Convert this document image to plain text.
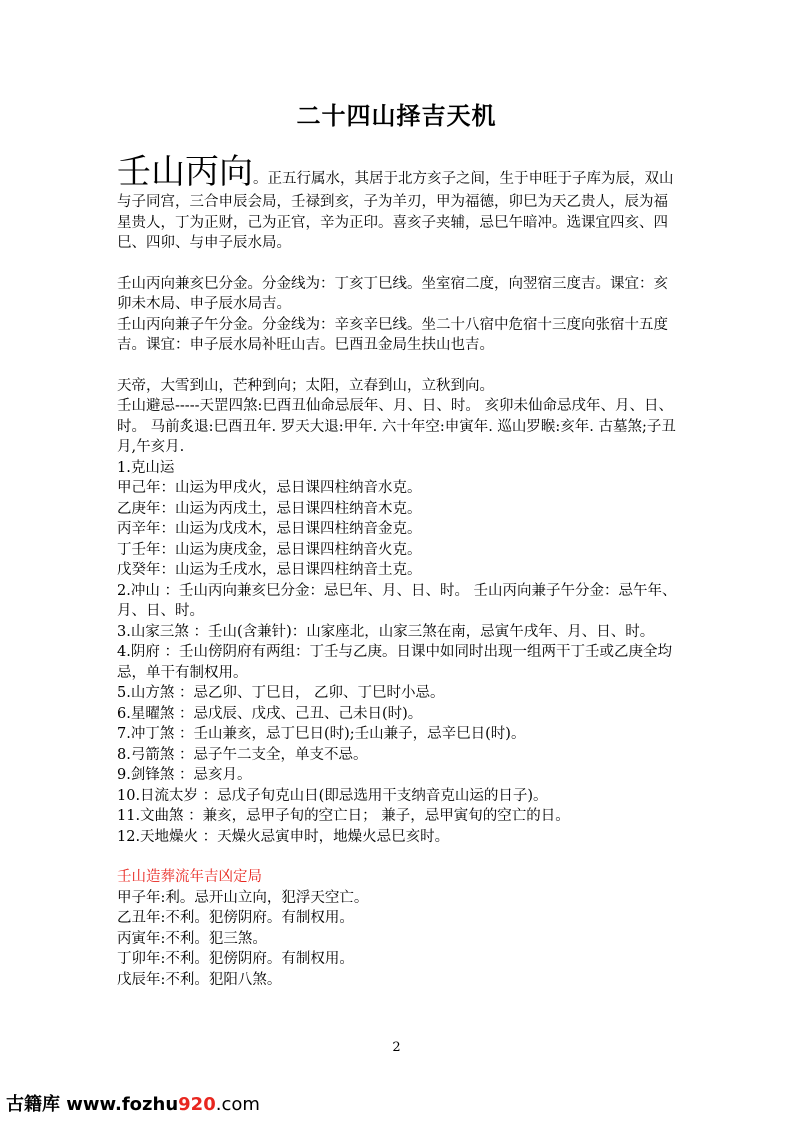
二十四山择吉天机

壬山丙向。正五行属水，其居于北方亥子之间，生于申旺于子库为辰，双山与子同宫，三合申辰会局，壬禄到亥，子为羊刃，甲为福德，卯巳为天乙贵人，辰为福星贵人，丁为正财，己为正官，辛为正印。喜亥子夹辅，忌巳午暗冲。选课宜四亥、四巳、四卯、与申子辰水局。

壬山丙向兼亥巳分金。分金线为：丁亥丁巳线。坐室宿二度，向翌宿三度吉。课宜：亥卯未木局、申子辰水局吉。

壬山丙向兼子午分金。分金线为：辛亥辛巳线。坐二十八宿中危宿十三度向张宿十五度吉。课宜：申子辰水局补旺山吉。巳酉丑金局生扶山也吉。

天帝，大雪到山，芒种到向；太阳，立春到山，立秋到向。

壬山避忌-----天罡四煞:巳酉丑仙命忌辰年、月、日、时。 亥卯未仙命忌戌年、月、日、时。 马前炙退:巳酉丑年. 罗天大退:甲年. 六十年空:申寅年. 巡山罗睺:亥年. 古墓煞;子丑月,午亥月.

1.克山运

甲己年：山运为甲戌火，忌日课四柱纳音水克。

乙庚年：山运为丙戌土，忌日课四柱纳音木克。

丙辛年：山运为戊戌木，忌日课四柱纳音金克。

丁壬年：山运为庚戌金，忌日课四柱纳音火克。

戊癸年：山运为壬戌水，忌日课四柱纳音土克。

2.冲山 ：壬山丙向兼亥巳分金：忌巳年、月、日、时。 壬山丙向兼子午分金：忌午年、月、日、时。

3.山家三煞 ：壬山(含兼针)：山家座北，山家三煞在南，忌寅午戌年、月、日、时。

4.阴府 ：壬山傍阴府有两组：丁壬与乙庚。日课中如同时出现一组两干丁壬或乙庚全均忌，单干有制权用。

5.山方煞 ：忌乙卯、丁巳日， 乙卯、丁巳时小忌。

6.星曜煞 ：忌戊辰、戊戌、己丑、己未日(时)。

7.冲丁煞 ：壬山兼亥，忌丁巳日(时);壬山兼子，忌辛巳日(时)。

8.弓箭煞 ：忌子午二支全，单支不忌。

9.剑锋煞 ：忌亥月。

10.日流太岁 ：忌戊子旬克山日(即忌选用干支纳音克山运的日子)。

11.文曲煞 ：兼亥，忌甲子旬的空亡日； 兼子，忌甲寅旬的空亡的日。

12.天地燥火 ：天燥火忌寅申时，地燥火忌巳亥时。

壬山造葬流年吉凶定局

甲子年:利。忌开山立向，犯浮天空亡。

乙丑年:不利。犯傍阴府。有制权用。

丙寅年:不利。犯三煞。

丁卯年:不利。犯傍阴府。有制权用。

戊辰年:不利。犯阳八煞。

2
古籍库 www.fozhu920.com
